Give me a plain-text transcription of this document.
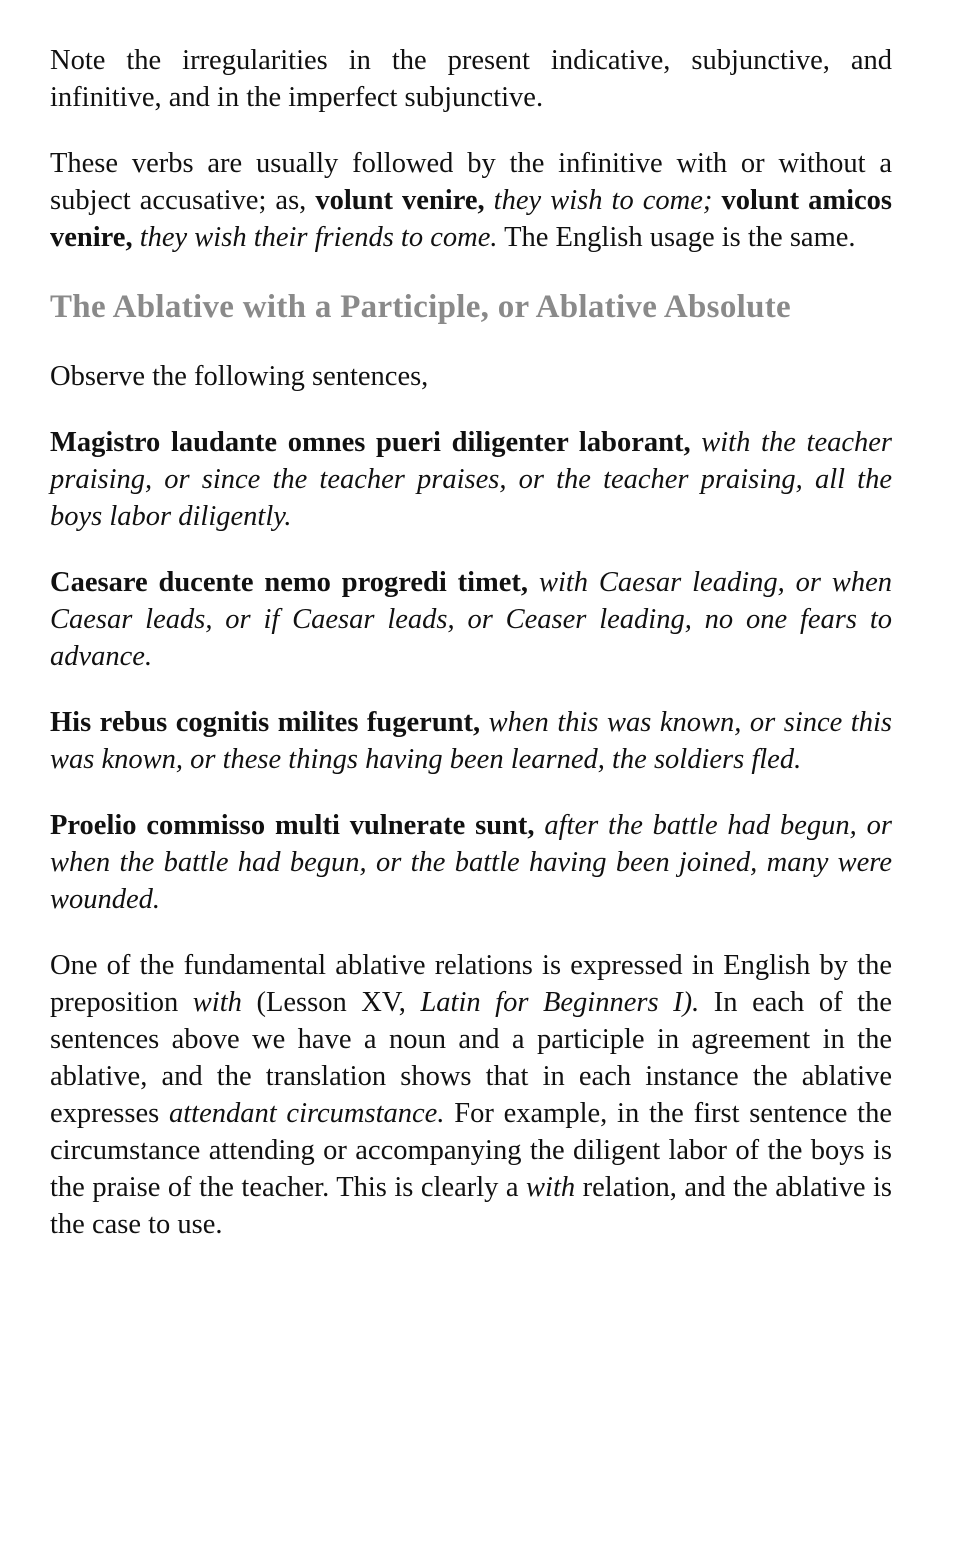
Note the irregularities in the present indicative, subjunctive, and infinitive, and in the imperfect subjunctive.

These verbs are usually followed by the infinitive with or without a subject accusative; as, volunt venire, they wish to come; volunt amicos venire, they wish their friends to come. The English usage is the same.

The Ablative with a Participle, or Ablative Absolute

Observe the following sentences,

Magistro laudante omnes pueri diligenter laborant, with the teacher praising, or since the teacher praises, or the teacher praising, all the boys labor diligently.

Caesare ducente nemo progredi timet, with Caesar leading, or when Caesar leads, or if Caesar leads, or Ceaser leading, no one fears to advance.

His rebus cognitis milites fugerunt, when this was known, or since this was known, or these things having been learned, the soldiers fled.

Proelio commisso multi vulnerate sunt, after the battle had begun, or when the battle had begun, or the battle having been joined, many were wounded.

One of the fundamental ablative relations is expressed in English by the preposition with (Lesson XV, Latin for Beginners I). In each of the sentences above we have a noun and a participle in agreement in the ablative, and the translation shows that in each instance the ablative expresses attendant circumstance. For example, in the first sentence the circumstance attending or accompanying the diligent labor of the boys is the praise of the teacher. This is clearly a with relation, and the ablative is the case to use.
